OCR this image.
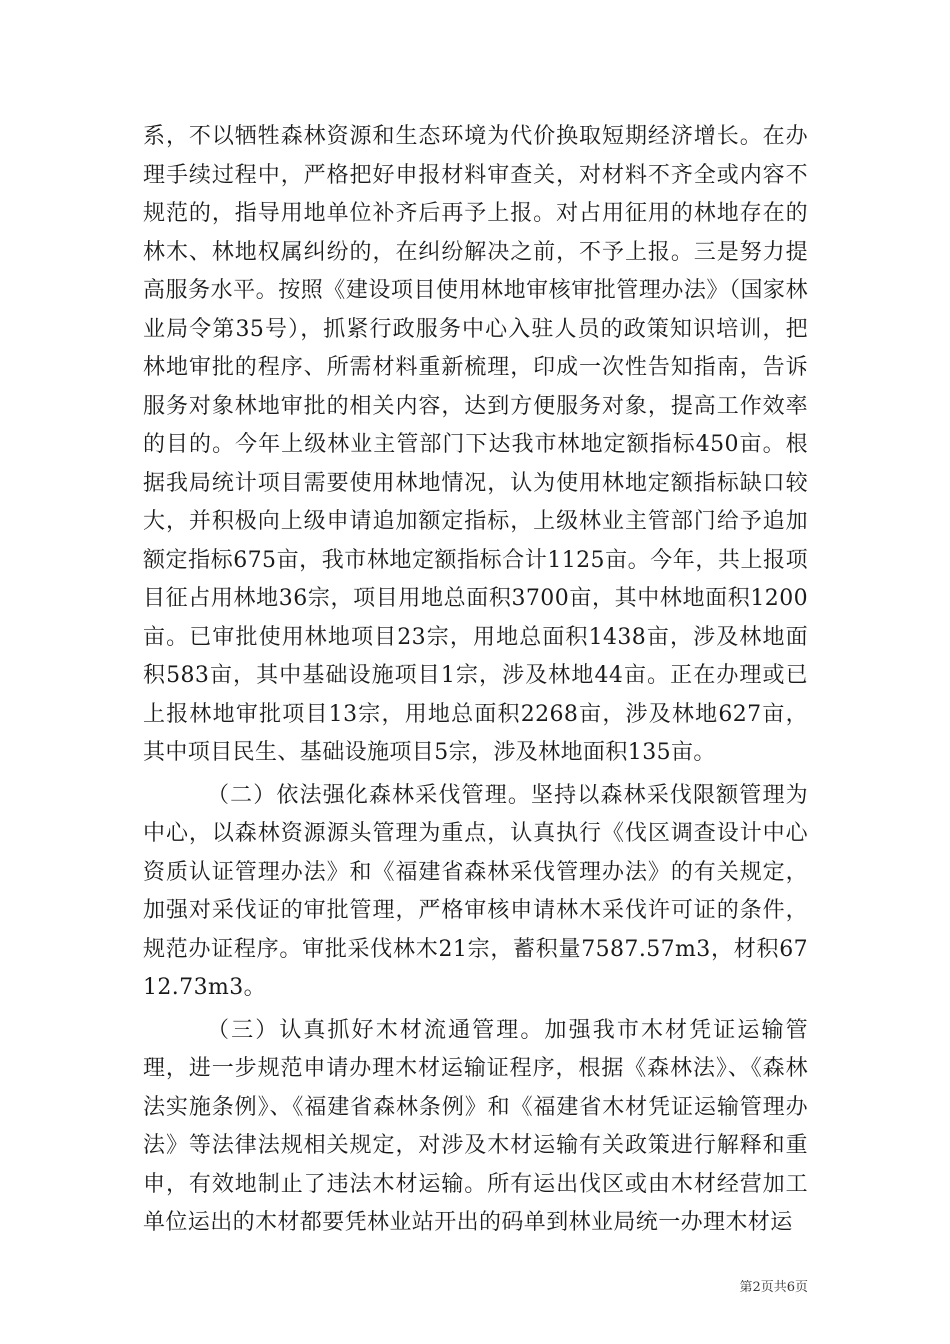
系，不以牺牲森林资源和生态环境为代价换取短期经济增长。在办理手续过程中，严格把好申报材料审查关，对材料不齐全或内容不规范的，指导用地单位补齐后再予上报。对占用征用的林地存在的林木、林地权属纠纷的，在纠纷解决之前，不予上报。三是努力提高服务水平。按照《建设项目使用林地审核审批管理办法》（国家林业局令第35号），抓紧行政服务中心入驻人员的政策知识培训，把林地审批的程序、所需材料重新梳理，印成一次性告知指南，告诉服务对象林地审批的相关内容，达到方便服务对象，提高工作效率的目的。今年上级林业主管部门下达我市林地定额指标450亩。根据我局统计项目需要使用林地情况，认为使用林地定额指标缺口较大，并积极向上级申请追加额定指标，上级林业主管部门给予追加额定指标675亩，我市林地定额指标合计1125亩。今年，共上报项目征占用林地36宗，项目用地总面积3700亩，其中林地面积1200亩。已审批使用林地项目23宗，用地总面积1438亩，涉及林地面积583亩，其中基础设施项目1宗，涉及林地44亩。正在办理或已上报林地审批项目13宗，用地总面积2268亩，涉及林地627亩，其中项目民生、基础设施项目5宗，涉及林地面积135亩。

（二）依法强化森林采伐管理。坚持以森林采伐限额管理为中心，以森林资源源头管理为重点，认真执行《伐区调查设计中心资质认证管理办法》和《福建省森林采伐管理办法》的有关规定，加强对采伐证的审批管理，严格审核申请林木采伐许可证的条件，规范办证程序。审批采伐林木21宗，蓄积量7587.57m3，材积6712.73m3。

（三）认真抓好木材流通管理。加强我市木材凭证运输管理，进一步规范申请办理木材运输证程序，根据《森林法》、《森林法实施条例》、《福建省森林条例》和《福建省木材凭证运输管理办法》等法律法规相关规定，对涉及木材运输有关政策进行解释和重申，有效地制止了违法木材运输。所有运出伐区或由木材经营加工单位运出的木材都要凭林业站开出的码单到林业局统一办理木材运

第2页共6页
